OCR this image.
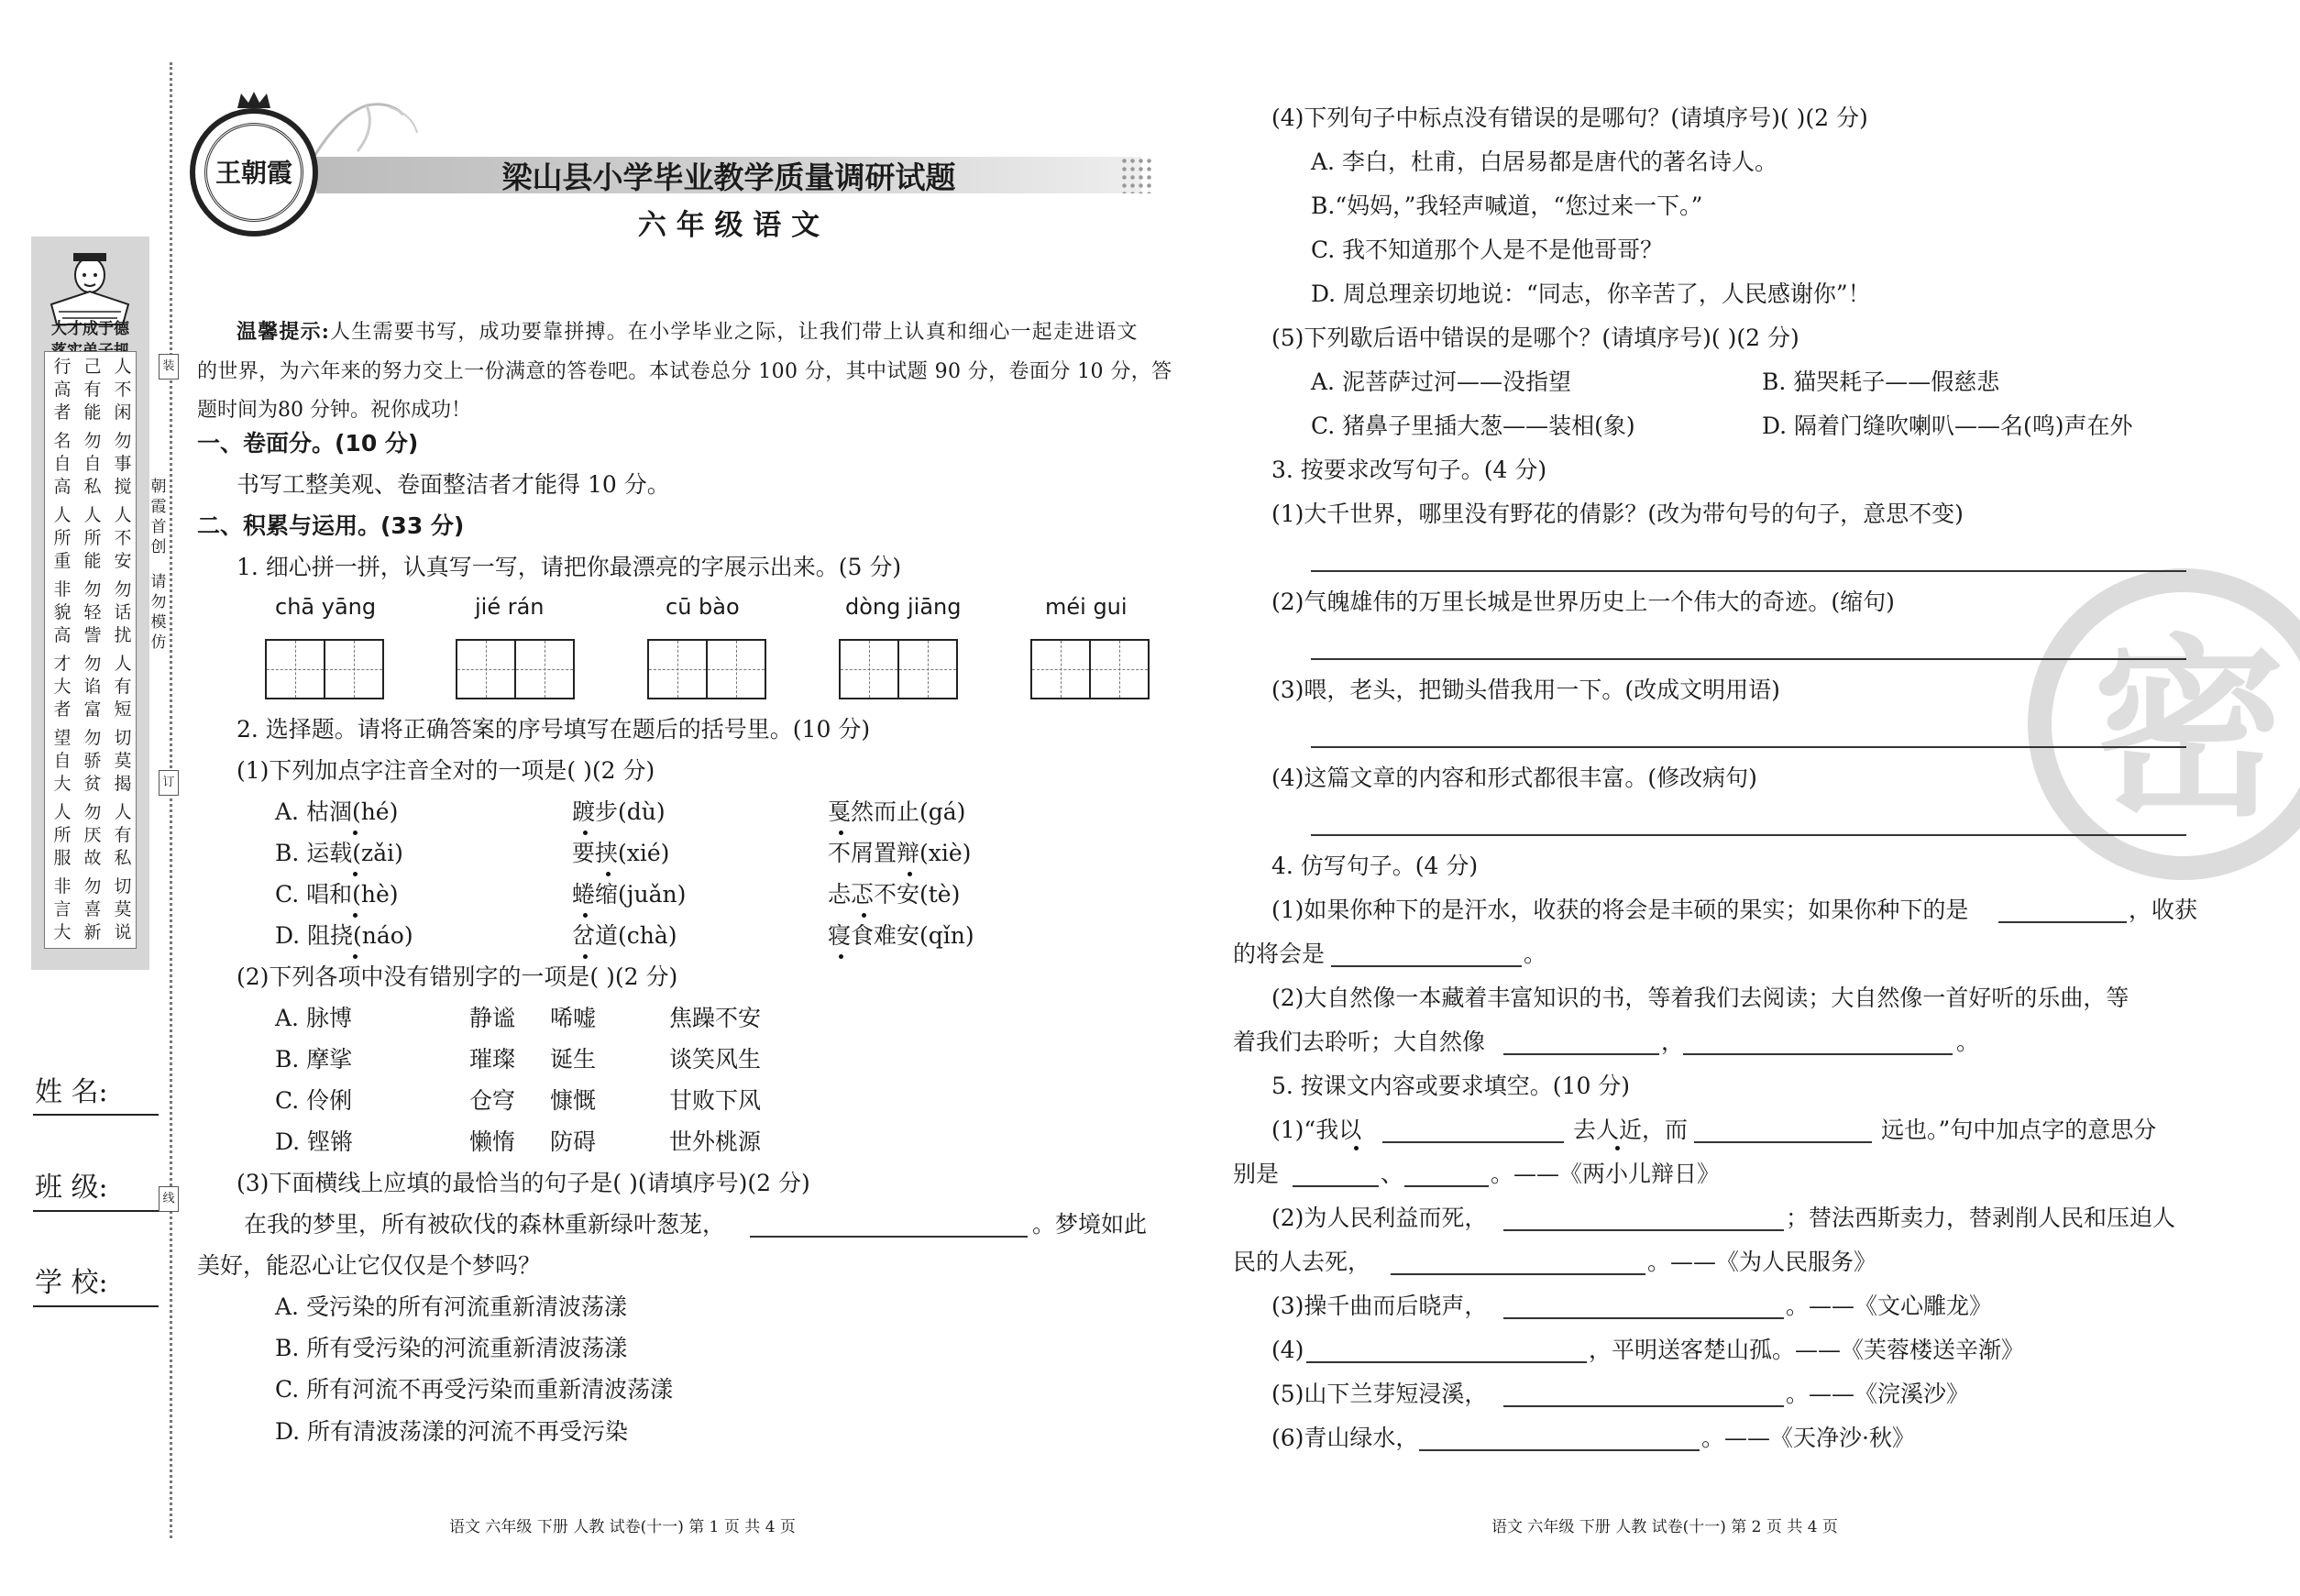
装
订
线
朝霞首创
请勿模仿
大才成于德
人不闲
己有能
行高者
勿事搅
勿自私
名自高
人不安
人所能
人所重
勿话扰
勿轻訾
非貌高
人有短
勿谄富
才大者
切莫揭
勿骄贫
望自大
人有私
勿厌故
人所服
切莫说
勿喜新
非言大
姓 名:
班 级:
学 校:
王朝霞	梁山县小学毕业教学质量调研试题
六 年 级 语 文
温馨提示:人生需要书写，成功要靠拼搏。在小学毕业之际，让我们带上认真和细心一起走进语文
的世界，为六年来的努力交上一份满意的答卷吧。本试卷总分 100 分，其中试题 90 分，卷面分 10 分，答
题时间为80 分钟。祝你成功！
一、卷面分。(10 分)
书写工整美观、卷面整洁者才能得 10 分。
二、积累与运用。(33 分)
1. 细心拼一拼，认真写一写，请把你最漂亮的字展示出来。(5 分)
chā yāng	jié rán	cū bào	dòng jiāng	méi gui
2. 选择题。请将正确答案的序号填写在题后的括号里。(10 分)
(1)下列加点字注音全对的一项是( )(2 分)
A. 枯涸(hé)	踱步(dù)	戛然而止(gá)
B. 运载(zǎi)	要挟(xié)	不屑置辩(xiè)
C. 唱和(hè)	蜷缩(juǎn)	忐忑不安(tè)
D. 阻挠(náo)	岔道(chà)	寝食难安(qǐn)
(2)下列各项中没有错别字的一项是( )(2 分)
A. 脉博	静谧 唏嘘	焦躁不安
B. 摩挲	璀璨 诞生	谈笑风生
C. 伶俐	仓穹 慷慨	甘败下风
D. 铿锵	懒惰 防碍	世外桃源
(3)下面横线上应填的最恰当的句子是( )(请填序号)(2 分)
在我的梦里，所有被砍伐的森林重新绿叶葱茏，	。梦境如此
美好，能忍心让它仅仅是个梦吗？
A. 受污染的所有河流重新清波荡漾
B. 所有受污染的河流重新清波荡漾
C. 所有河流不再受污染而重新清波荡漾
D. 所有清波荡漾的河流不再受污染
语文 六年级 下册 人教 试卷(十一) 第 1 页 共 4 页
密
(4)下列句子中标点没有错误的是哪句？(请填序号)( )(2 分)
A. 李白，杜甫，白居易都是唐代的著名诗人。
B.“妈妈，”我轻声喊道，“您过来一下。”
C. 我不知道那个人是不是他哥哥？
D. 周总理亲切地说：“同志，你辛苦了，人民感谢你”！
(5)下列歇后语中错误的是哪个？(请填序号)( )(2 分)
A. 泥菩萨过河——没指望	B. 猫哭耗子——假慈悲
C. 猪鼻子里插大葱——装相(象)	D. 隔着门缝吹喇叭——名(鸣)声在外
3. 按要求改写句子。(4 分)
(1)大千世界，哪里没有野花的倩影？(改为带句号的句子，意思不变)
(2)气魄雄伟的万里长城是世界历史上一个伟大的奇迹。(缩句)
(3)喂，老头，把锄头借我用一下。(改成文明用语)
(4)这篇文章的内容和形式都很丰富。(修改病句)
4. 仿写句子。(4 分)
(1)如果你种下的是汗水，收获的将会是丰硕的果实；如果你种下的是	，收获
的将会是	。
(2)大自然像一本藏着丰富知识的书，等着我们去阅读；大自然像一首好听的乐曲，等
着我们去聆听；大自然像	，	。
5. 按课文内容或要求填空。(10 分)
(1)“我以	去人近，而	远也。”句中加点字的意思分
别是	、	。——《两小儿辩日》
(2)为人民利益而死，	；替法西斯卖力，替剥削人民和压迫人
民的人去死，	。——《为人民服务》
(3)操千曲而后晓声，	。——《文心雕龙》
(4)	，平明送客楚山孤。——《芙蓉楼送辛渐》
(5)山下兰芽短浸溪，	。——《浣溪沙》
(6)青山绿水，	。——《天净沙·秋》
语文 六年级 下册 人教 试卷(十一) 第 2 页 共 4 页
